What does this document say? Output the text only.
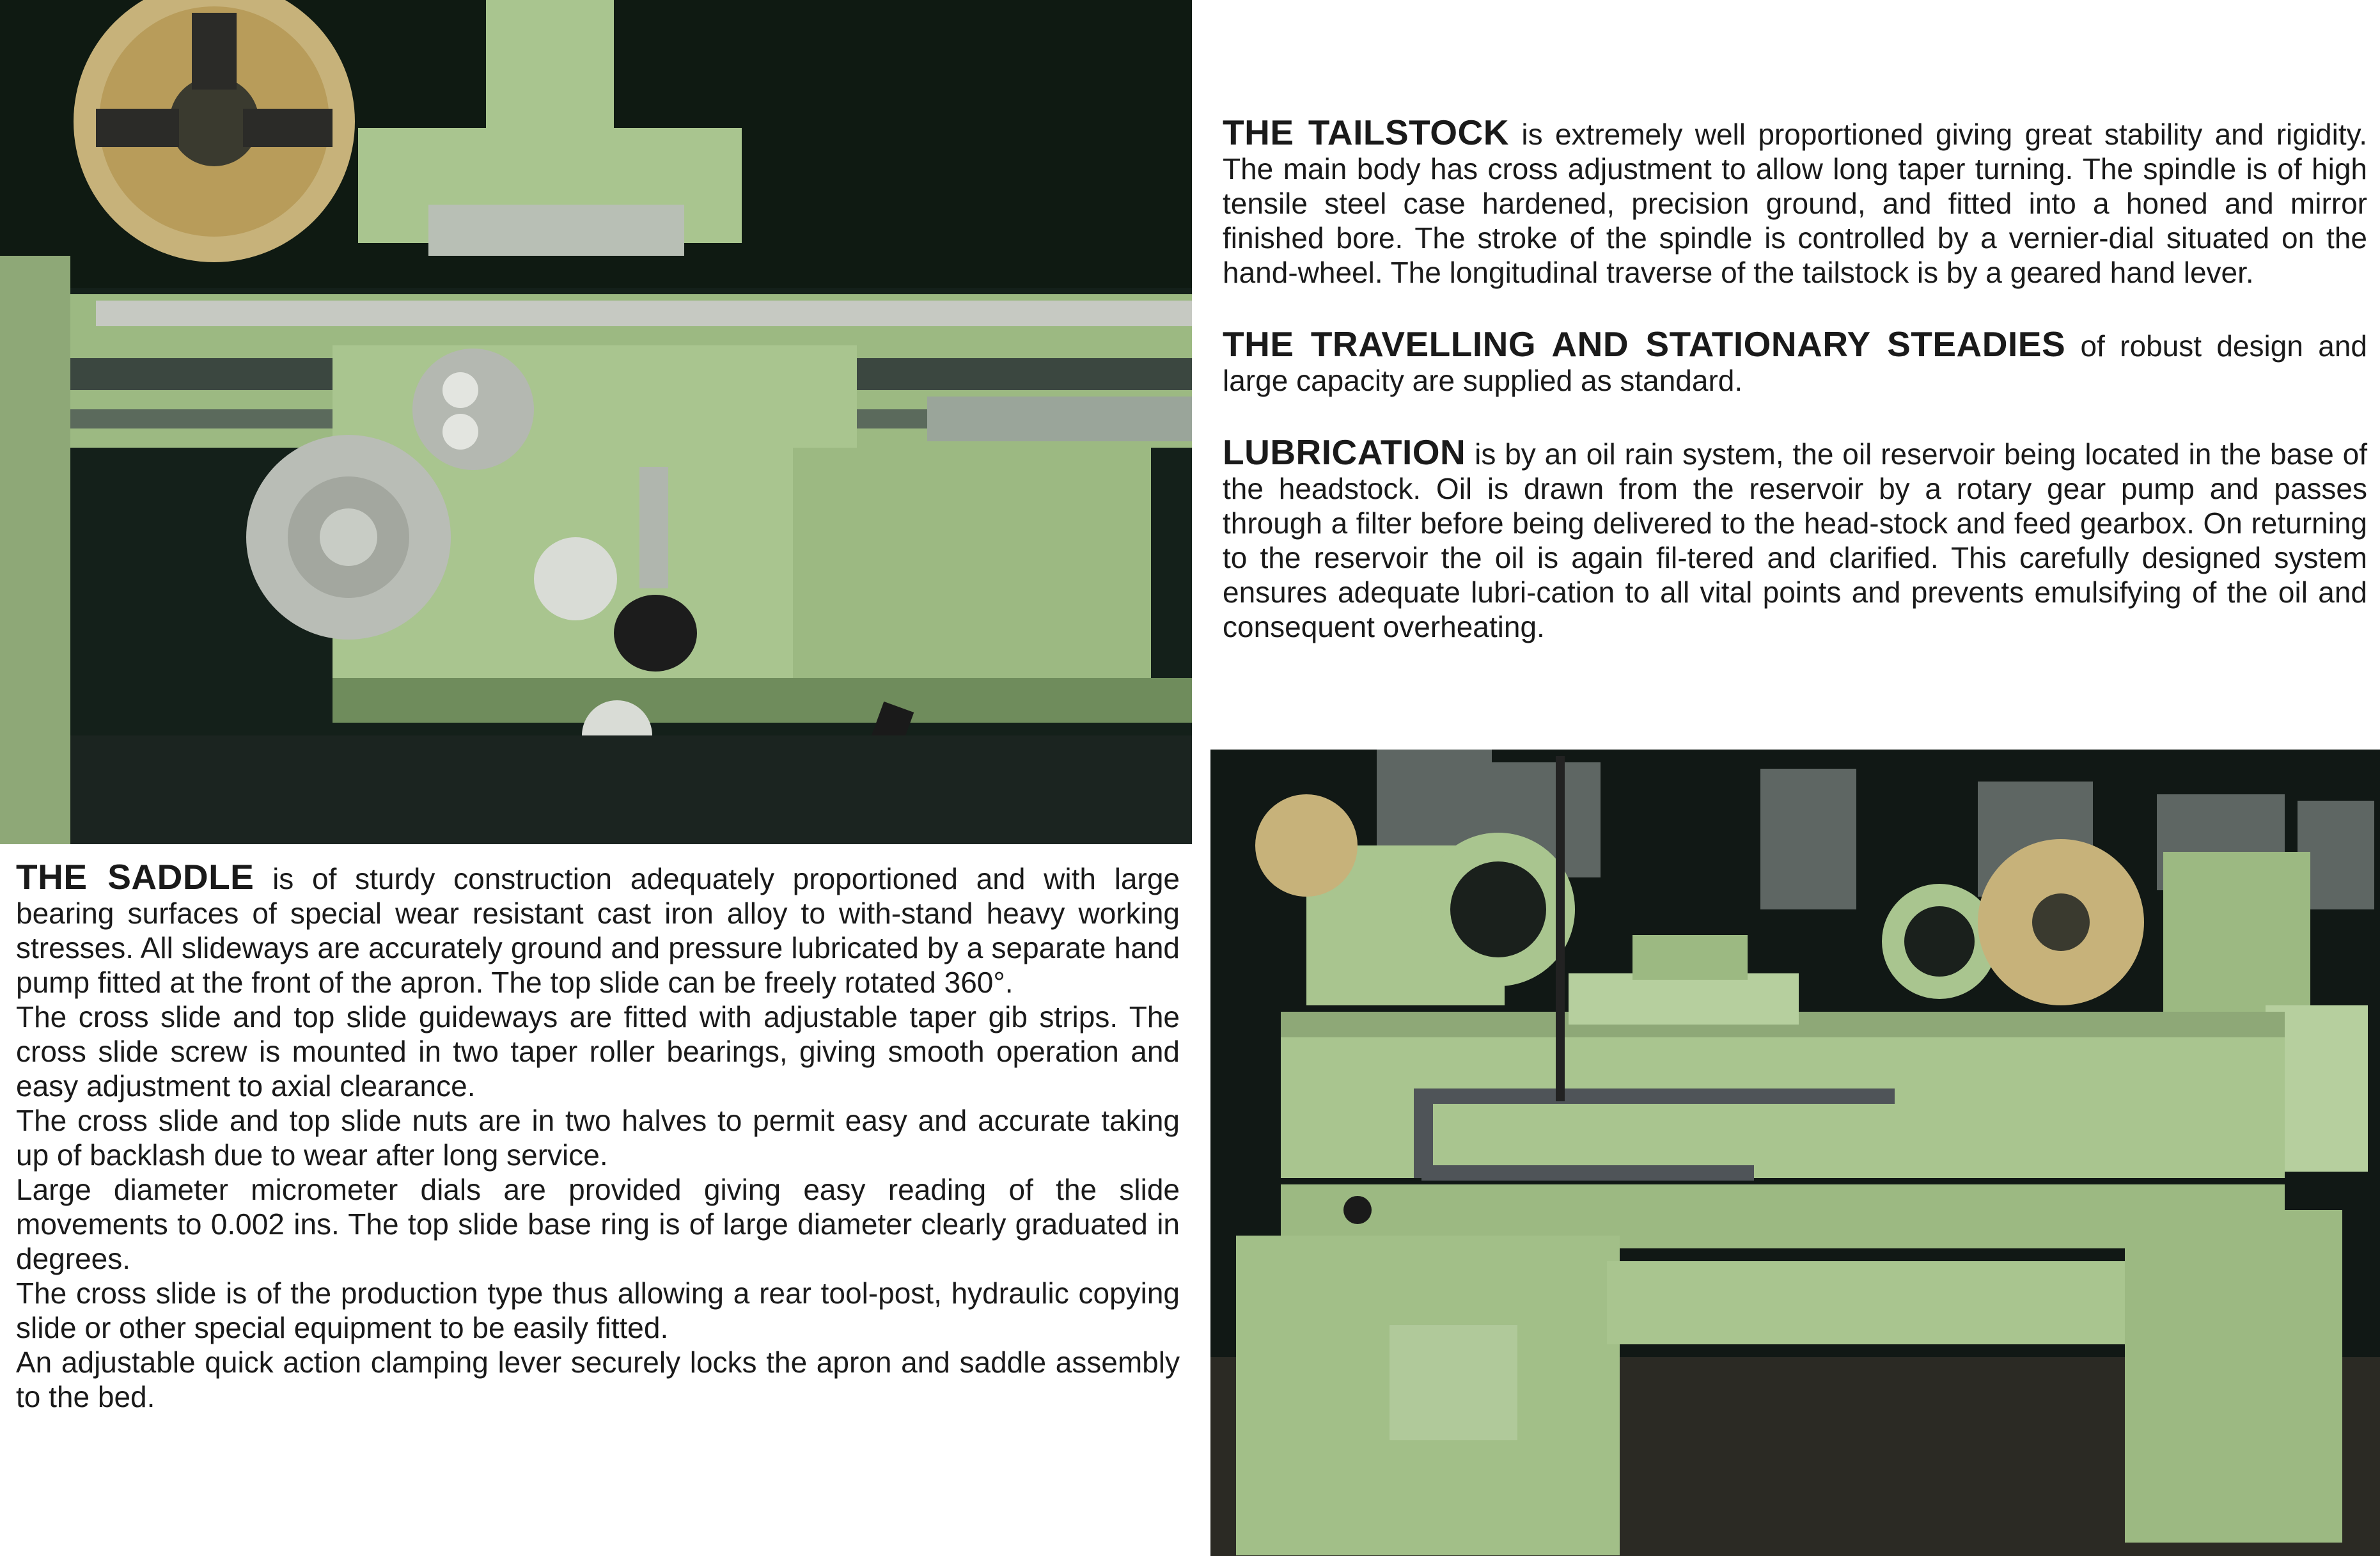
THE TAILSTOCK is extremely well proportioned giving great stability and rigidity. The main body has cross adjustment to allow long taper turning. The spindle is of high tensile steel case hardened, precision ground, and fitted into a honed and mirror finished bore. The stroke of the spindle is controlled by a vernier-dial situated on the hand-wheel. The longitudinal traverse of the tailstock is by a geared hand lever.

THE TRAVELLING AND STATIONARY STEADIES of robust design and large capacity are supplied as standard.

LUBRICATION is by an oil rain system, the oil reservoir being located in the base of the headstock. Oil is drawn from the reservoir by a rotary gear pump and passes through a filter before being delivered to the head-stock and feed gearbox. On returning to the reservoir the oil is again fil-tered and clarified. This carefully designed system ensures adequate lubri-cation to all vital points and prevents emulsifying of the oil and consequent overheating.

THE SADDLE is of sturdy construction adequately proportioned and with large bearing surfaces of special wear resistant cast iron alloy to with-stand heavy working stresses. All slideways are accurately ground and pressure lubricated by a separate hand pump fitted at the front of the apron. The top slide can be freely rotated 360°.

The cross slide and top slide guideways are fitted with adjustable taper gib strips. The cross slide screw is mounted in two taper roller bearings, giving smooth operation and easy adjustment to axial clearance.

The cross slide and top slide nuts are in two halves to permit easy and accurate taking up of backlash due to wear after long service.

Large diameter micrometer dials are provided giving easy reading of the slide movements to 0.002 ins. The top slide base ring is of large diameter clearly graduated in degrees.

The cross slide is of the production type thus allowing a rear tool-post, hydraulic copying slide or other special equipment to be easily fitted.

An adjustable quick action clamping lever securely locks the apron and saddle assembly to the bed.
